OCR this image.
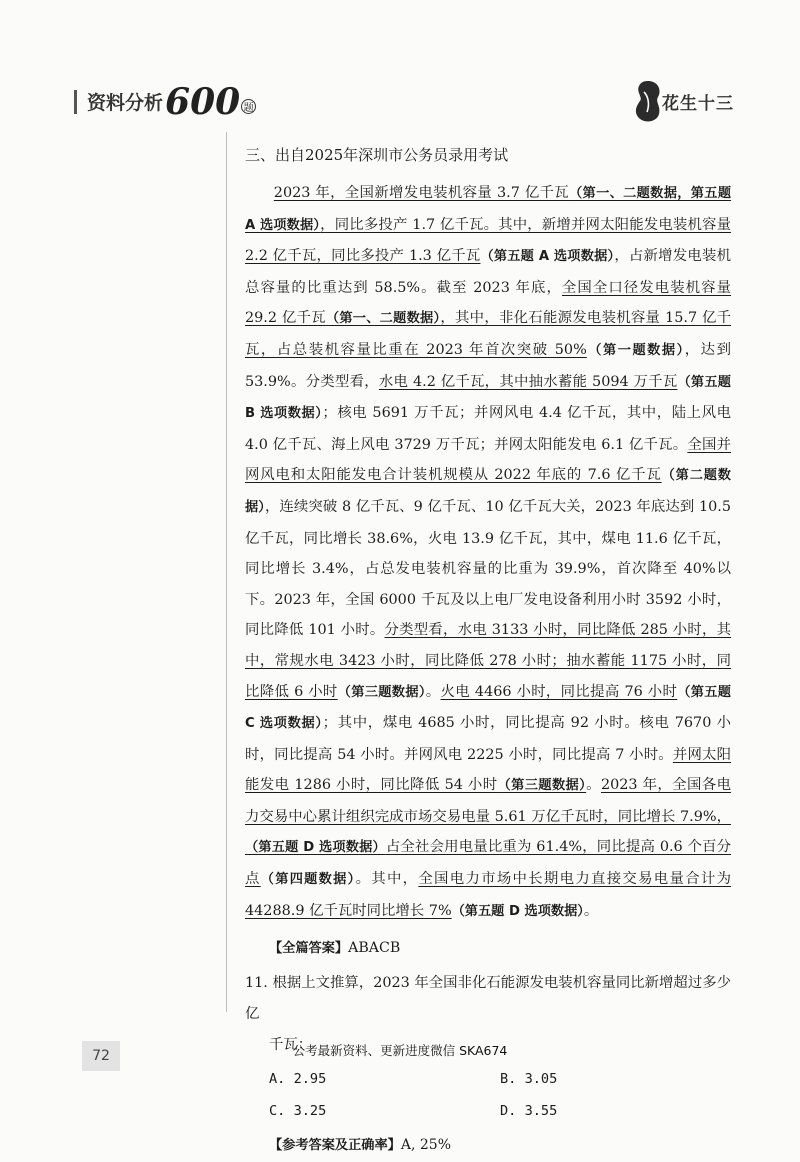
资料分析 600 题	花生十三
三、出自2025年深圳市公务员录用考试

2023 年，全国新增发电装机容量 3.7 亿千瓦（第一、二题数据，第五题 A 选项数据），同比多投产 1.7 亿千瓦。其中，新增并网太阳能发电装机容量 2.2 亿千瓦，同比多投产 1.3 亿千瓦（第五题 A 选项数据），占新增发电装机总容量的比重达到 58.5%。截至 2023 年底，全国全口径发电装机容量 29.2 亿千瓦（第一、二题数据），其中，非化石能源发电装机容量 15.7 亿千瓦，占总装机容量比重在 2023 年首次突破 50%（第一题数据），达到 53.9%。分类型看，水电 4.2 亿千瓦，其中抽水蓄能 5094 万千瓦（第五题 B 选项数据）；核电 5691 万千瓦；并网风电 4.4 亿千瓦，其中，陆上风电 4.0 亿千瓦、海上风电 3729 万千瓦；并网太阳能发电 6.1 亿千瓦。全国并网风电和太阳能发电合计装机规模从 2022 年底的 7.6 亿千瓦（第二题数据），连续突破 8 亿千瓦、9 亿千瓦、10 亿千瓦大关，2023 年底达到 10.5 亿千瓦，同比增长 38.6%，火电 13.9 亿千瓦，其中，煤电 11.6 亿千瓦，同比增长 3.4%，占总发电装机容量的比重为 39.9%，首次降至 40%以下。2023 年，全国 6000 千瓦及以上电厂发电设备利用小时 3592 小时，同比降低 101 小时。分类型看，水电 3133 小时，同比降低 285 小时，其中，常规水电 3423 小时，同比降低 278 小时；抽水蓄能 1175 小时，同比降低 6 小时（第三题数据）。火电 4466 小时，同比提高 76 小时（第五题 C 选项数据）；其中，煤电 4685 小时，同比提高 92 小时。核电 7670 小时，同比提高 54 小时。并网风电 2225 小时，同比提高 7 小时。并网太阳能发电 1286 小时，同比降低 54 小时（第三题数据）。2023 年，全国各电力交易中心累计组织完成市场交易电量 5.61 万亿千瓦时，同比增长 7.9%，（第五题 D 选项数据）占全社会用电量比重为 61.4%，同比提高 0.6 个百分点（第四题数据）。其中，全国电力市场中长期电力直接交易电量合计为 44288.9 亿千瓦时同比增长 7%（第五题 D 选项数据）。

【全篇答案】ABACB
11. 根据上文推算，2023 年全国非化石能源发电装机容量同比新增超过多少亿
千瓦：
A. 2.95	B. 3.05
C. 3.25	D. 3.55
【参考答案及正确率】A, 25%
72	公考最新资料、更新进度微信 SKA674
